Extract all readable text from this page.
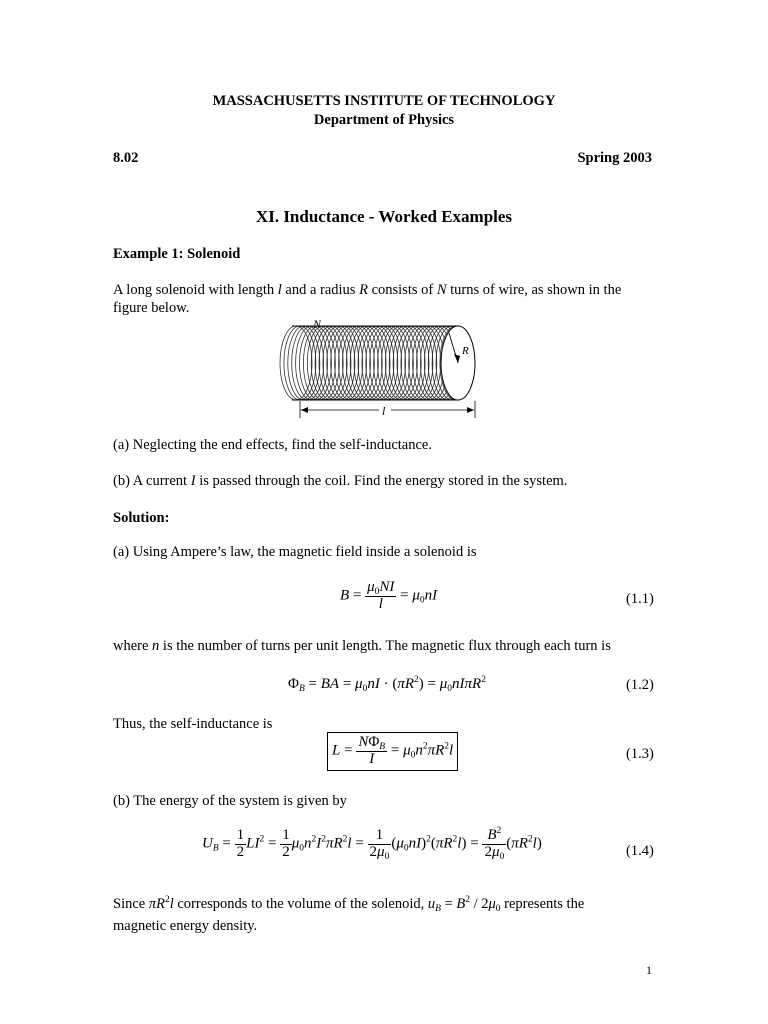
MASSACHUSETTS INSTITUTE OF TECHNOLOGY
Department of Physics
8.02	Spring 2003
XI. Inductance - Worked Examples
Example 1: Solenoid
A long solenoid with length l and a radius R consists of N turns of wire, as shown in the
figure below.
R
N
l
(a) Neglecting the end effects, find the self-inductance.
(b) A current I is passed through the coil. Find the energy stored in the system.
Solution:
(a) Using Ampere’s law, the magnetic field inside a solenoid is
$B = \frac{\mu_0NI}{l} = \mu_0nI$	(1.1)
where n is the number of turns per unit length. The magnetic flux through each turn is
$\Phi_B$ = BA = $\mu_0nI \cdot (\pi R^2) = \mu_0nI\pi R^2$	(1.2)
Thus, the self-inductance is
$L = \frac{N\Phi_B}{I} = \mu_0n^2\pi R^2l$	(1.3)
(b) The energy of the system is given by
$U_B = \frac{1}{2} LI^2 = \frac{1}{2} \mu_0n^2I^2\pi R^2l = \frac{1}{2\mu_0} (\mu_0nI)^2(\pi R^2l) = \frac{B^2}{2\mu_0} (\pi R^2l)$	(1.4)
Since $\pi R^2l$ corresponds to the volume of the solenoid, $u_B = B^2 / 2\mu_0$ represents the
magnetic energy density.
1
